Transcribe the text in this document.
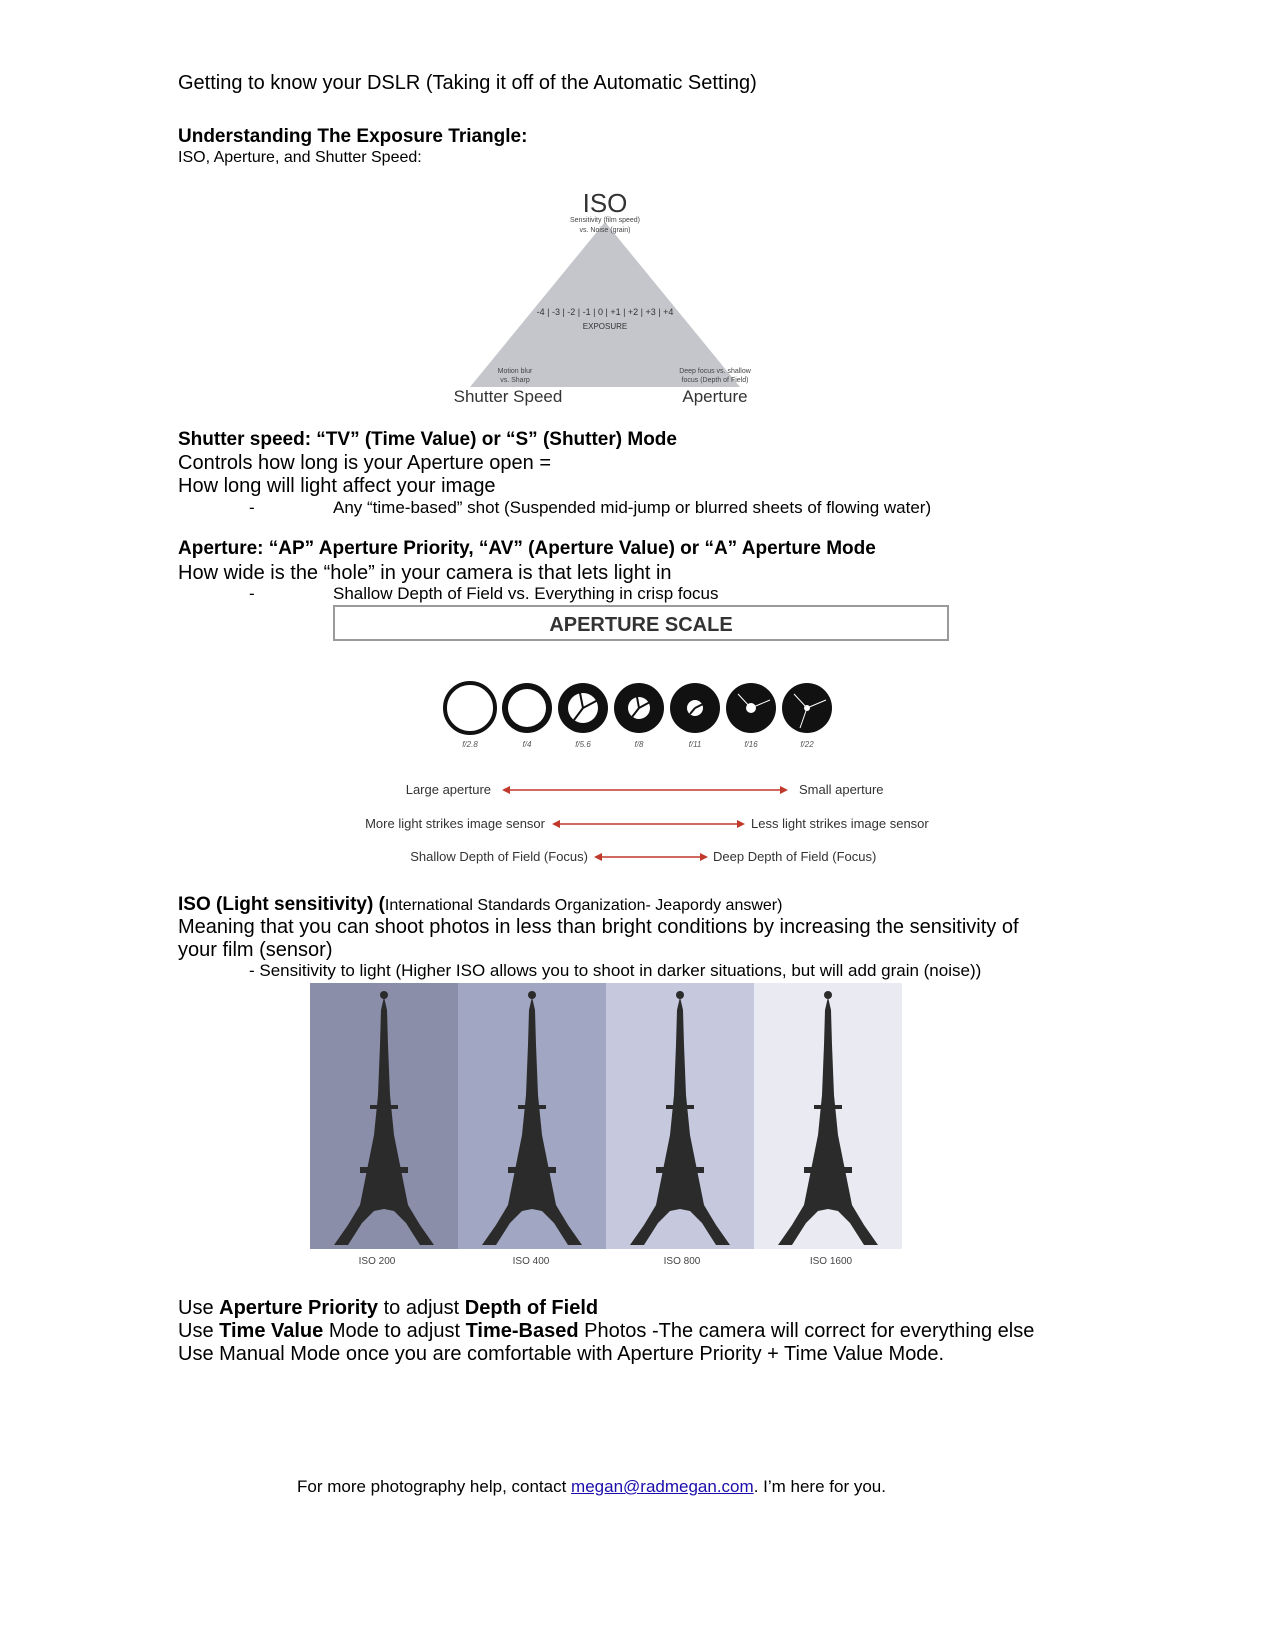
Getting to know your DSLR (Taking it off of the Automatic Setting)

Understanding The Exposure Triangle:

ISO, Aperture, and Shutter Speed:

ISO
Sensitivity (film speed)
vs. Noise (grain)
-4 | -3 | -2 | -1 | 0 | +1 | +2 | +3 | +4
EXPOSURE
Motion blur
vs. Sharp
Shutter Speed
Deep focus vs. shallow
focus (Depth of Field)
Aperture

Shutter speed: “TV” (Time Value) or “S” (Shutter) Mode

Controls how long is your Aperture open =

How long will light affect your image

-	Any “time-based” shot (Suspended mid-jump or blurred sheets of flowing water)

Aperture: “AP” Aperture Priority, “AV” (Aperture Value) or “A” Aperture Mode

How wide is the “hole” in your camera is that lets light in

-	Shallow Depth of Field vs. Everything in crisp focus

APERTURE SCALE
f/2.8	f/4	f/5.6	f/8	f/11	f/16	f/22
Large aperture	Small aperture
More light strikes image sensor	Less light strikes image sensor
Shallow Depth of Field (Focus)	Deep Depth of Field (Focus)

ISO (Light sensitivity) (International Standards Organization- Jeapordy answer)

Meaning that you can shoot photos in less than bright conditions by increasing the sensitivity of

your film (sensor)

- Sensitivity to light (Higher ISO allows you to shoot in darker situations, but will add grain (noise))

ISO 200	ISO 400	ISO 800	ISO 1600

Use Aperture Priority to adjust Depth of Field

Use Time Value Mode to adjust Time-Based Photos -The camera will correct for everything else

Use Manual Mode once you are comfortable with Aperture Priority + Time Value Mode.

For more photography help, contact megan@radmegan.com. I’m here for you.
